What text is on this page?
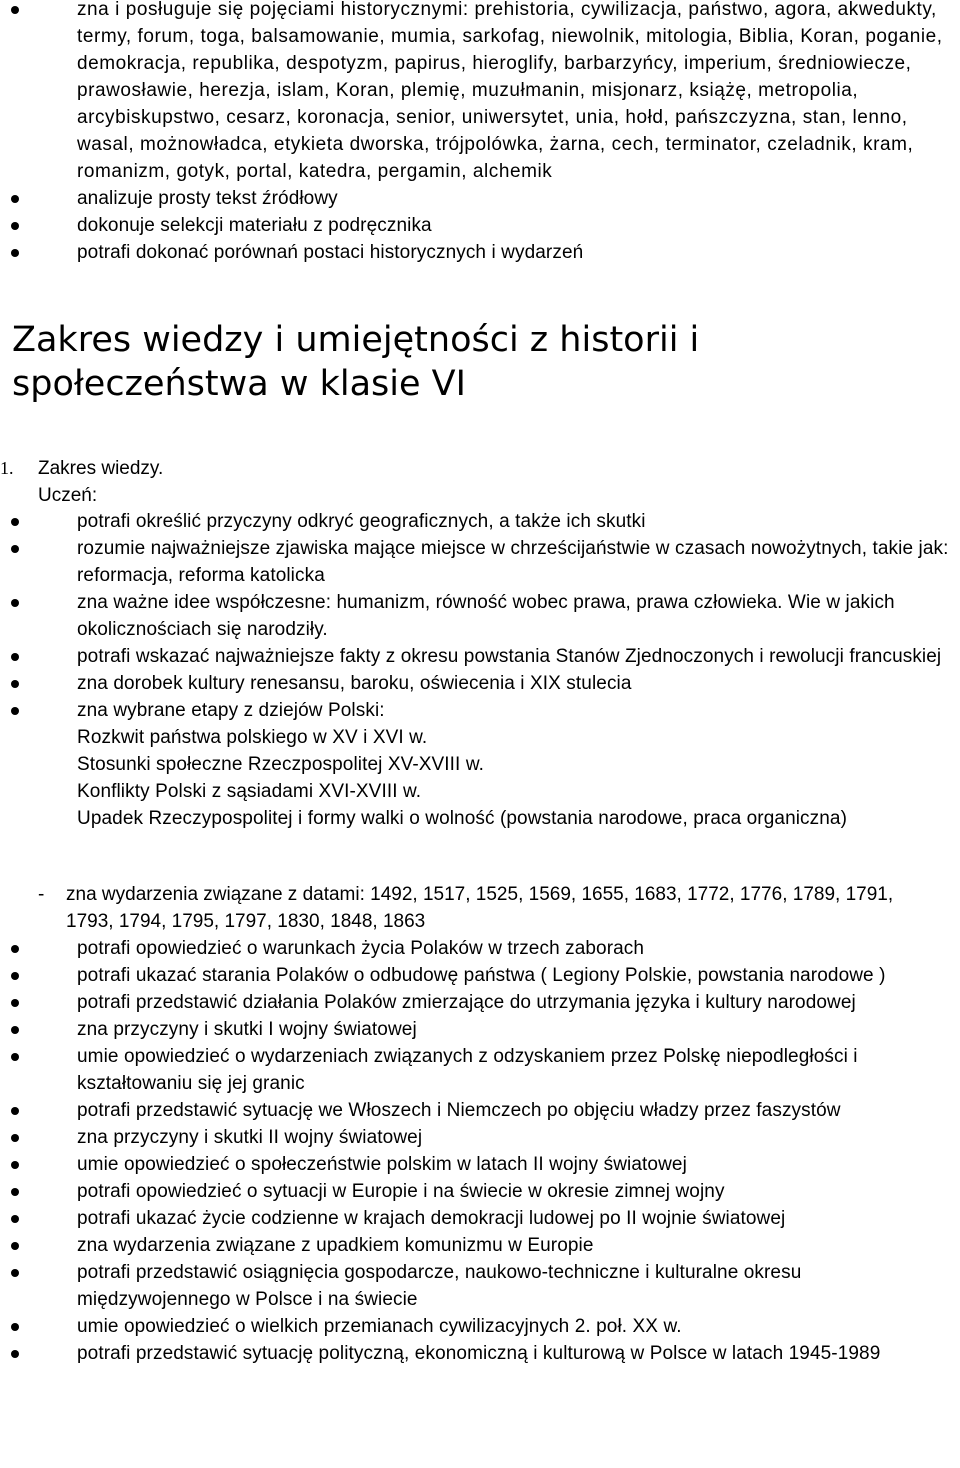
zna i posługuje się pojęciami historycznymi: prehistoria, cywilizacja, państwo, agora, akwedukty, termy, forum, toga, balsamowanie, mumia, sarkofag, niewolnik, mitologia, Biblia, Koran, poganie, demokracja, republika, despotyzm, papirus, hieroglify, barbarzyńcy, imperium, średniowiecze, prawosławie, herezja, islam, Koran, plemię, muzułmanin, misjonarz, książę, metropolia, arcybiskupstwo, cesarz, koronacja, senior, uniwersytet, unia, hołd, pańszczyzna, stan, lenno, wasal, możnowładca, etykieta dworska, trójpolówka, żarna, cech, terminator, czeladnik, kram, romanizm, gotyk, portal, katedra, pergamin, alchemik
analizuje prosty tekst źródłowy
dokonuje selekcji materiału z podręcznika
potrafi dokonać porównań postaci historycznych i wydarzeń
Zakres wiedzy i umiejętności z historii i społeczeństwa w klasie VI
1. Zakres wiedzy.
Uczeń:
potrafi określić przyczyny odkryć geograficznych, a także ich skutki
rozumie najważniejsze zjawiska mające miejsce w chrześcijaństwie w czasach nowożytnych, takie jak: reformacja, reforma katolicka
zna ważne idee współczesne: humanizm, równość wobec prawa, prawa człowieka. Wie w jakich okolicznościach się narodziły.
potrafi wskazać najważniejsze fakty z okresu powstania Stanów Zjednoczonych i rewolucji francuskiej
zna dorobek kultury renesansu, baroku, oświecenia i XIX stulecia
zna wybrane etapy z dziejów Polski:
Rozkwit państwa polskiego w XV i XVI w.
Stosunki społeczne Rzeczpospolitej XV-XVIII w.
Konflikty Polski z sąsiadami XVI-XVIII w.
Upadek Rzeczypospolitej i formy walki o wolność (powstania narodowe, praca organiczna)
- zna wydarzenia związane z datami: 1492, 1517, 1525, 1569, 1655, 1683, 1772, 1776, 1789, 1791, 1793, 1794, 1795, 1797, 1830, 1848, 1863
potrafi opowiedzieć o warunkach życia Polaków w trzech zaborach
potrafi ukazać starania Polaków o odbudowę państwa ( Legiony Polskie, powstania narodowe )
potrafi przedstawić działania Polaków zmierzające do utrzymania języka i kultury narodowej
zna przyczyny i skutki I wojny światowej
umie opowiedzieć o wydarzeniach związanych z odzyskaniem przez Polskę niepodległości i kształtowaniu się jej granic
potrafi przedstawić sytuację we Włoszech i Niemczech po objęciu władzy przez faszystów
zna przyczyny i skutki II wojny światowej
umie opowiedzieć o społeczeństwie polskim w latach II wojny światowej
potrafi opowiedzieć o sytuacji w Europie i na świecie w okresie zimnej wojny
potrafi ukazać życie codzienne w krajach demokracji ludowej po II wojnie światowej
zna wydarzenia związane z upadkiem komunizmu w Europie
potrafi przedstawić osiągnięcia gospodarcze, naukowo-techniczne i kulturalne okresu międzywojennego w Polsce i na świecie
umie opowiedzieć o wielkich przemianach cywilizacyjnych 2. poł. XX w.
potrafi przedstawić sytuację polityczną, ekonomiczną i kulturową w Polsce w latach 1945-1989
